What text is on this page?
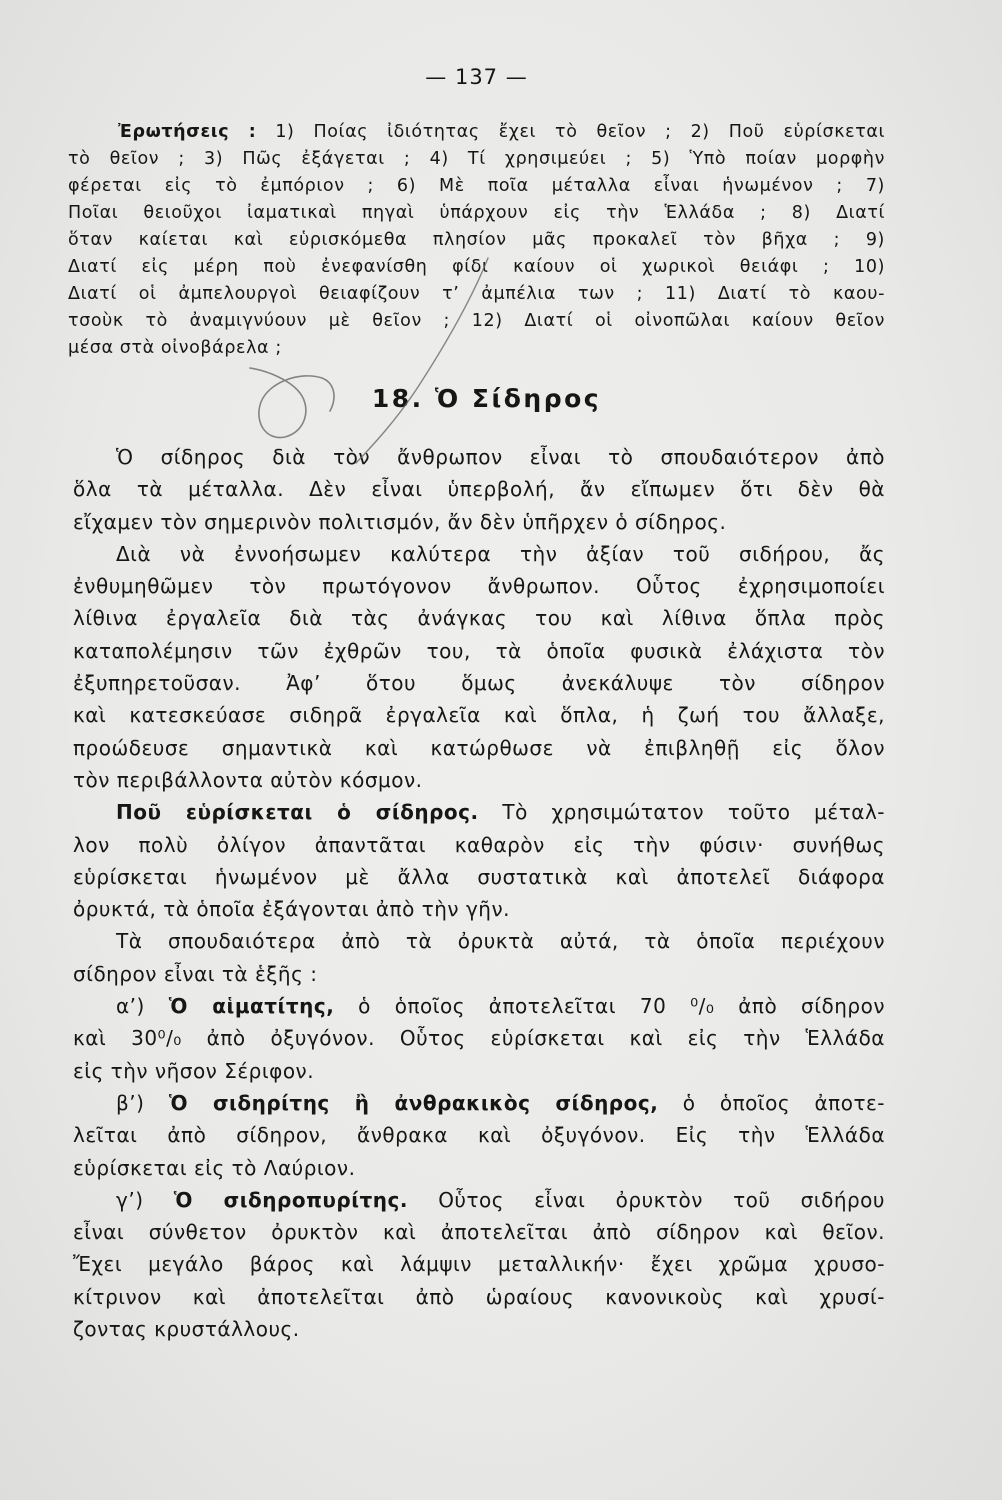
— 137 —
Ἐρωτήσεις : 1) Ποίας ἰδιότητας ἔχει τὸ θεῖον ; 2) Ποῦ εὑρίσκεται
τὸ θεῖον ; 3) Πῶς ἐξάγεται ; 4) Τί χρησιμεύει ; 5) Ὑπὸ ποίαν μορφὴν
φέρεται εἰς τὸ ἐμπόριον ; 6) Μὲ ποῖα μέταλλα εἶναι ἡνωμένον ; 7)
Ποῖαι θειοῦχοι ἰαματικαὶ πηγαὶ ὑπάρχουν εἰς τὴν Ἑλλάδα ; 8) Διατί
ὅταν καίεται καὶ εὑρισκόμεθα πλησίον μᾶς προκαλεῖ τὸν βῆχα ; 9)
Διατί εἰς μέρη ποὺ ἐνεφανίσθη φίδι καίουν οἱ χωρικοὶ θειάφι ; 10)
Διατί οἱ ἀμπελουργοὶ θειαφίζουν τ’ ἀμπέλια των ; 11) Διατί τὸ καου-
τσοὺκ τὸ ἀναμιγνύουν μὲ θεῖον ; 12) Διατί οἱ οἰνοπῶλαι καίουν θεῖον
μέσα στὰ οἰνοβάρελα ;
18. Ὁ Σίδηρος
Ὁ σίδηρος διὰ τὸν ἄνθρωπον εἶναι τὸ σπουδαιότερον ἀπὸ
ὅλα τὰ μέταλλα. Δὲν εἶναι ὑπερβολή, ἄν εἴπωμεν ὅτι δὲν θὰ
εἴχαμεν τὸν σημερινὸν πολιτισμόν, ἄν δὲν ὑπῆρχεν ὁ σίδηρος.
Διὰ νὰ ἐννοήσωμεν καλύτερα τὴν ἀξίαν τοῦ σιδήρου, ἄς
ἐνθυμηθῶμεν τὸν πρωτόγονον ἄνθρωπον. Οὗτος ἐχρησιμοποίει
λίθινα ἐργαλεῖα διὰ τὰς ἀνάγκας του καὶ λίθινα ὅπλα πρὸς
καταπολέμησιν τῶν ἐχθρῶν του, τὰ ὁποῖα φυσικὰ ἐλάχιστα τὸν
ἐξυπηρετοῦσαν. Ἀφ’ ὅτου ὅμως ἀνεκάλυψε τὸν σίδηρον
καὶ κατεσκεύασε σιδηρᾶ ἐργαλεῖα καὶ ὅπλα, ἡ ζωή του ἄλλαξε,
προώδευσε σημαντικὰ καὶ κατώρθωσε νὰ ἐπιβληθῇ εἰς ὅλον
τὸν περιβάλλοντα αὐτὸν κόσμον.
Ποῦ εὑρίσκεται ὁ σίδηρος. Τὸ χρησιμώτατον τοῦτο μέταλ-
λον πολὺ ὀλίγον ἀπαντᾶται καθαρὸν εἰς τὴν φύσιν· συνήθως
εὑρίσκεται ἡνωμένον μὲ ἄλλα συστατικὰ καὶ ἀποτελεῖ διάφορα
ὀρυκτά, τὰ ὁποῖα ἐξάγονται ἀπὸ τὴν γῆν.
Τὰ σπουδαιότερα ἀπὸ τὰ ὀρυκτὰ αὐτά, τὰ ὁποῖα περιέχουν
σίδηρον εἶναι τὰ ἑξῆς :
α’) Ὁ αἱματίτης, ὁ ὁποῖος ἀποτελεῖται 70 ⁰/₀ ἀπὸ σίδηρον
καὶ 30⁰/₀ ἀπὸ ὀξυγόνον. Οὗτος εὑρίσκεται καὶ εἰς τὴν Ἑλλάδα
εἰς τὴν νῆσον Σέριφον.
β’) Ὁ σιδηρίτης ἢ ἀνθρακικὸς σίδηρος, ὁ ὁποῖος ἀποτε-
λεῖται ἀπὸ σίδηρον, ἄνθρακα καὶ ὀξυγόνον. Εἰς τὴν Ἑλλάδα
εὑρίσκεται εἰς τὸ Λαύριον.
γ’) Ὁ σιδηροπυρίτης. Οὗτος εἶναι ὀρυκτὸν τοῦ σιδήρου
εἶναι σύνθετον ὀρυκτὸν καὶ ἀποτελεῖται ἀπὸ σίδηρον καὶ θεῖον.
Ἔχει μεγάλο βάρος καὶ λάμψιν μεταλλικήν· ἔχει χρῶμα χρυσο-
κίτρινον καὶ ἀποτελεῖται ἀπὸ ὡραίους κανονικοὺς καὶ χρυσί-
ζοντας κρυστάλλους.
